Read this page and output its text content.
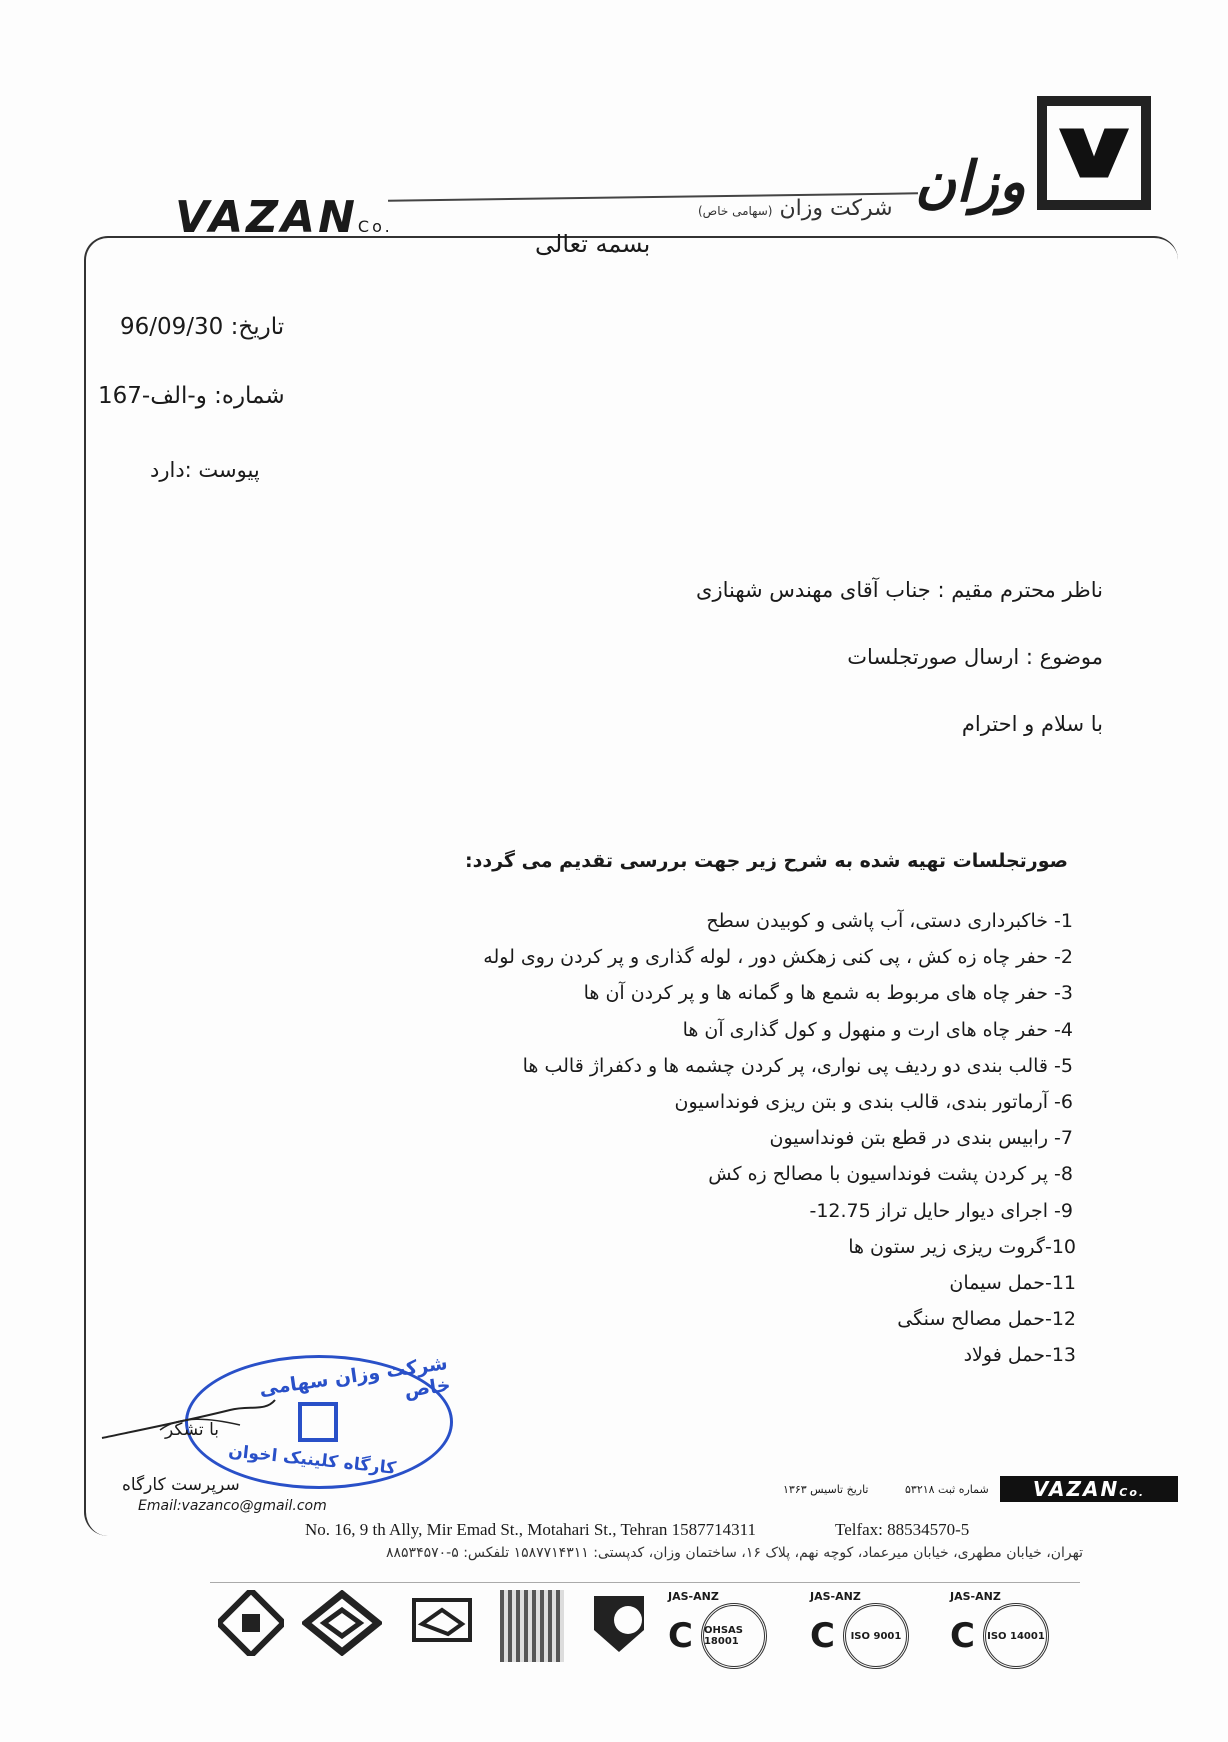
وزان
شرکت وزان (سهامی خاص)
VAZANCo.
بسمه تعالی
تاریخ: 96/09/30
شماره: و-الف-167
پیوست :دارد
ناظر محترم مقیم : جناب آقای مهندس شهنازی
موضوع : ارسال صورتجلسات
با سلام و احترام
صورتجلسات تهیه شده به شرح زیر جهت بررسی تقدیم می گردد:
1- خاکبرداری دستی، آب پاشی و کوبیدن سطح
2- حفر چاه زه کش ، پی کنی زهکش دور ، لوله گذاری و پر کردن روی لوله
3- حفر چاه های مربوط به شمع ها و گمانه ها و پر کردن آن ها
4- حفر چاه های ارت و منهول و کول گذاری آن ها
5- قالب بندی دو ردیف پی نواری، پر کردن چشمه ها و دکفراژ قالب ها
6- آرماتور بندی، قالب بندی و بتن ریزی فونداسیون
7- رابیس بندی در قطع بتن فونداسیون
8- پر کردن پشت فونداسیون با مصالح زه کش
9- اجرای دیوار حایل تراز 12.75-
10-گروت ریزی زیر ستون ها
11-حمل سیمان
12-حمل مصالح سنگی
13-حمل فولاد
شرکت وزان سهامی خاص
کارگاه کلینیک اخوان
با تشکر
سرپرست کارگاه
Email:vazanco@gmail.com
VAZANCo.
شماره ثبت ۵۳۲۱۸
تاریخ تاسیس ۱۳۶۳
No. 16, 9 th Ally, Mir Emad St., Motahari St., Tehran 1587714311	Telfax: 88534570-5
تهران، خیابان مطهری، خیابان میرعماد، کوچه نهم، پلاک ۱۶، ساختمان وزان، کدپستی: ۱۵۸۷۷۱۴۳۱۱ تلفکس: ۵-۸۸۵۳۴۵۷۰
JAS-ANZ
C	OHSAS 18001
JAS-ANZ
C	ISO 9001
JAS-ANZ
C	ISO 14001
